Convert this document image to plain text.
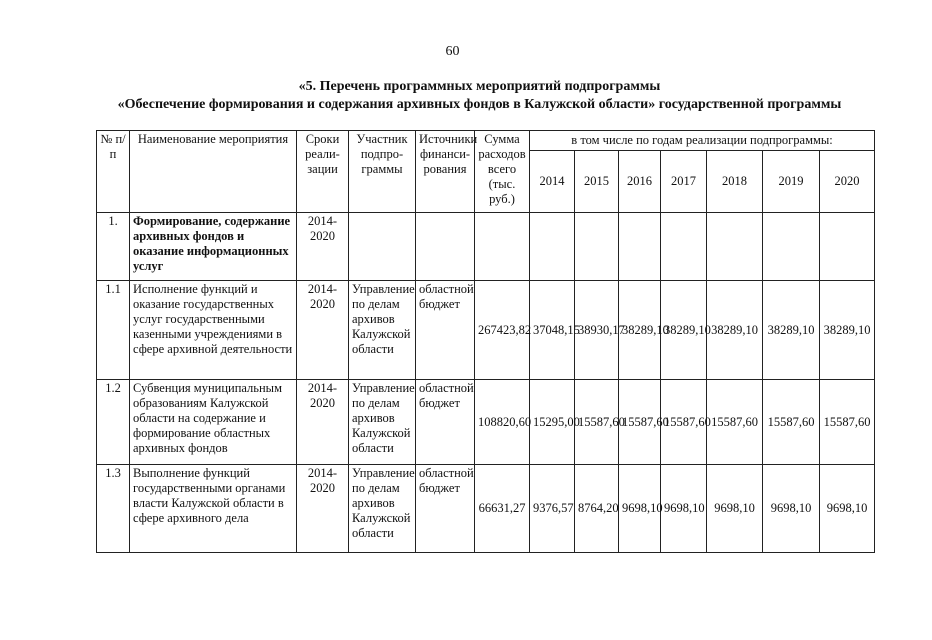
60
«5. Перечень программных мероприятий подпрограммы
«Обеспечение формирования и содержания архивных фондов в Калужской области» государственной программы
№ п/п	Наименование мероприятия	Сроки реали-зации	Участник подпро-граммы	Источники финанси-рования	Сумма расходов всего (тыс. руб.)	в том числе по годам реализации подпрограммы:						
						2014	2015	2016	2017	2018	2019	2020
1.	Формирование, содержание архивных фондов и оказание информационных услуг	2014-2020										
1.1	Исполнение функций и оказание государственных услуг государственными казенными учреждениями в сфере архивной деятельности	2014-2020	Управление по делам архивов Калужской области	областной бюджет	267423,82	37048,15	38930,17	38289,10	38289,10	38289,10	38289,10	38289,10
1.2	Субвенция муниципальным образованиям Калужской области на содержание и формирование областных архивных фондов	2014-2020	Управление по делам архивов Калужской области	областной бюджет	108820,60	15295,00	15587,60	15587,60	15587,60	15587,60	15587,60	15587,60
1.3	Выполнение функций государственными органами власти Калужской области в сфере архивного дела	2014-2020	Управление по делам архивов Калужской области	областной бюджет	66631,27	9376,57	8764,20	9698,10	9698,10	9698,10	9698,10	9698,10
